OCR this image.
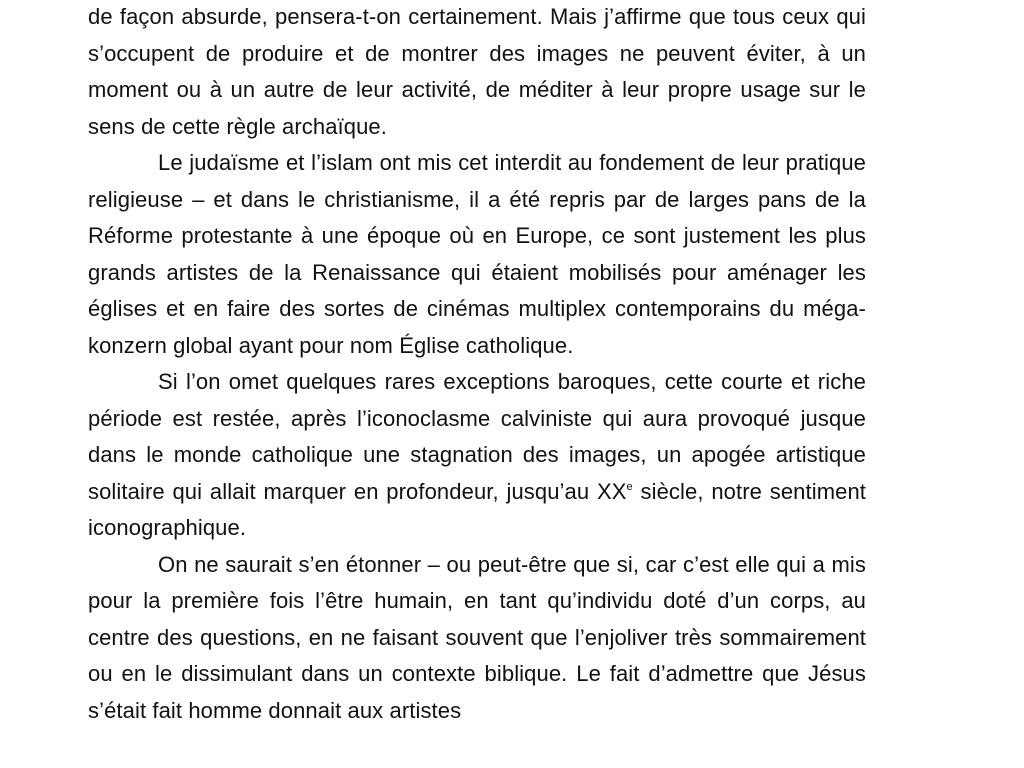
de façon absurde, pensera-t-on certainement. Mais j’affirme que tous ceux qui s’occupent de produire et de montrer des images ne peuvent éviter, à un moment ou à un autre de leur activité, de méditer à leur propre usage sur le sens de cette règle archaïque.

Le judaïsme et l’islam ont mis cet interdit au fondement de leur pratique religieuse – et dans le christianisme, il a été repris par de larges pans de la Réforme protestante à une époque où en Europe, ce sont justement les plus grands artistes de la Renaissance qui étaient mobilisés pour aménager les églises et en faire des sortes de cinémas multiplex contemporains du méga-konzern global ayant pour nom Église catholique.

Si l’on omet quelques rares exceptions baroques, cette courte et riche période est restée, après l’iconoclasme calviniste qui aura provoqué jusque dans le monde catholique une stagnation des images, un apogée artistique solitaire qui allait marquer en profondeur, jusqu’au XXe siècle, notre sentiment iconographique.

On ne saurait s’en étonner – ou peut-être que si, car c’est elle qui a mis pour la première fois l’être humain, en tant qu’individu doté d’un corps, au centre des questions, en ne faisant souvent que l’enjoliver très sommairement ou en le dissimulant dans un contexte biblique. Le fait d’admettre que Jésus s’était fait homme donnait aux artistes
